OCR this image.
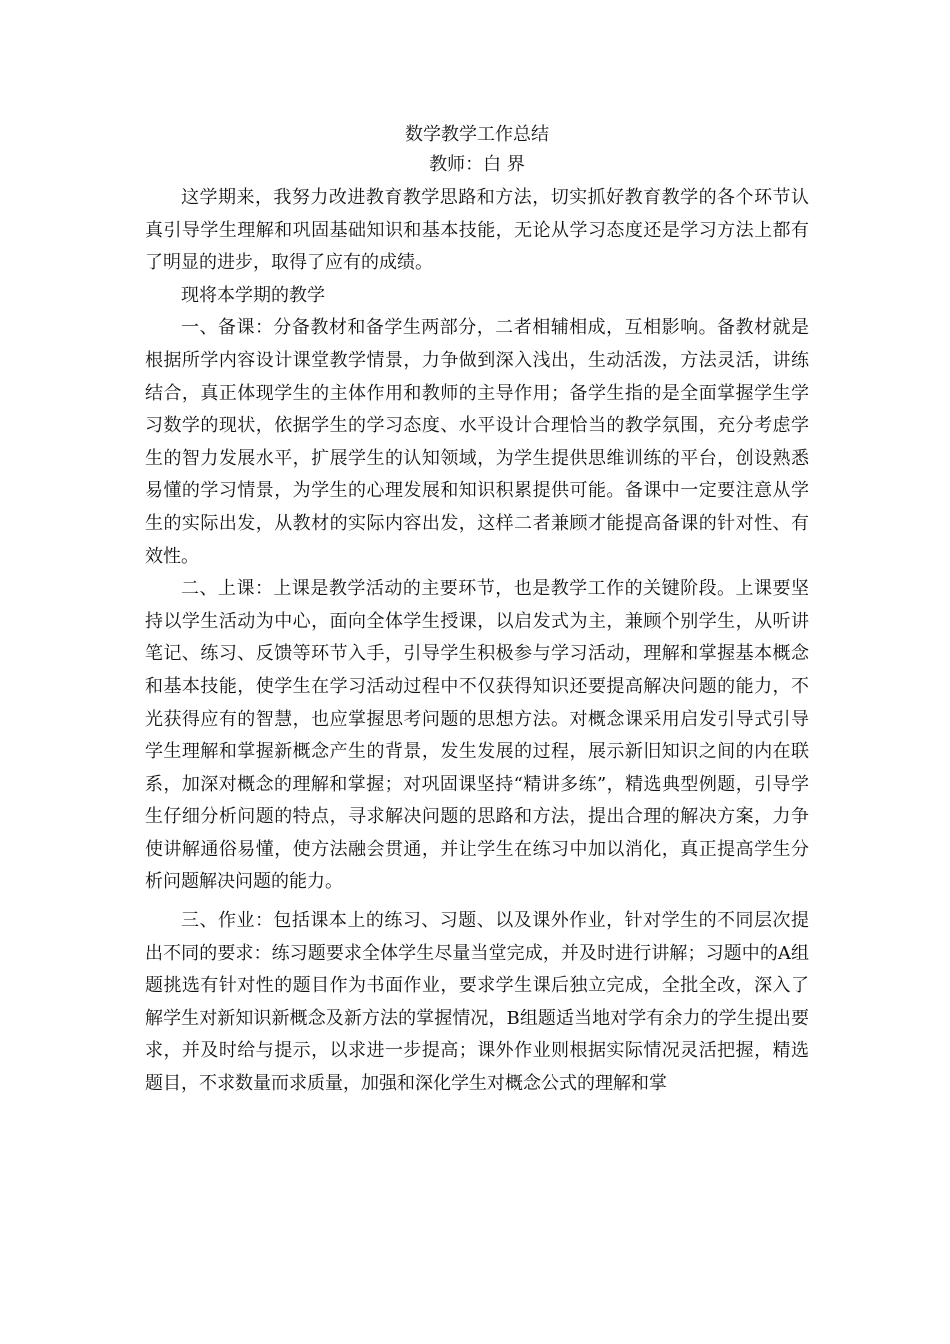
数学教学工作总结
教师：白 界

这学期来，我努力改进教育教学思路和方法，切实抓好教育教学的各个环节认真引导学生理解和巩固基础知识和基本技能，无论从学习态度还是学习方法上都有了明显的进步，取得了应有的成绩。

现将本学期的教学

一、备课：分备教材和备学生两部分，二者相辅相成，互相影响。备教材就是根据所学内容设计课堂教学情景，力争做到深入浅出，生动活泼，方法灵活，讲练结合，真正体现学生的主体作用和教师的主导作用；备学生指的是全面掌握学生学习数学的现状，依据学生的学习态度、水平设计合理恰当的教学氛围，充分考虑学生的智力发展水平，扩展学生的认知领域，为学生提供思维训练的平台，创设熟悉易懂的学习情景，为学生的心理发展和知识积累提供可能。备课中一定要注意从学生的实际出发，从教材的实际内容出发，这样二者兼顾才能提高备课的针对性、有效性。

二、上课：上课是教学活动的主要环节，也是教学工作的关键阶段。上课要坚持以学生活动为中心，面向全体学生授课，以启发式为主，兼顾个别学生，从听讲笔记、练习、反馈等环节入手，引导学生积极参与学习活动，理解和掌握基本概念和基本技能，使学生在学习活动过程中不仅获得知识还要提高解决问题的能力，不光获得应有的智慧，也应掌握思考问题的思想方法。对概念课采用启发引导式引导学生理解和掌握新概念产生的背景，发生发展的过程，展示新旧知识之间的内在联系，加深对概念的理解和掌握；对巩固课坚持“精讲多练”，精选典型例题，引导学生仔细分析问题的特点，寻求解决问题的思路和方法，提出合理的解决方案，力争使讲解通俗易懂，使方法融会贯通，并让学生在练习中加以消化，真正提高学生分析问题解决问题的能力。

三、作业：包括课本上的练习、习题、以及课外作业，针对学生的不同层次提出不同的要求：练习题要求全体学生尽量当堂完成，并及时进行讲解；习题中的A组题挑选有针对性的题目作为书面作业，要求学生课后独立完成，全批全改，深入了解学生对新知识新概念及新方法的掌握情况，B组题适当地对学有余力的学生提出要求，并及时给与提示，以求进一步提高；课外作业则根据实际情况灵活把握，精选题目，不求数量而求质量，加强和深化学生对概念公式的理解和掌
